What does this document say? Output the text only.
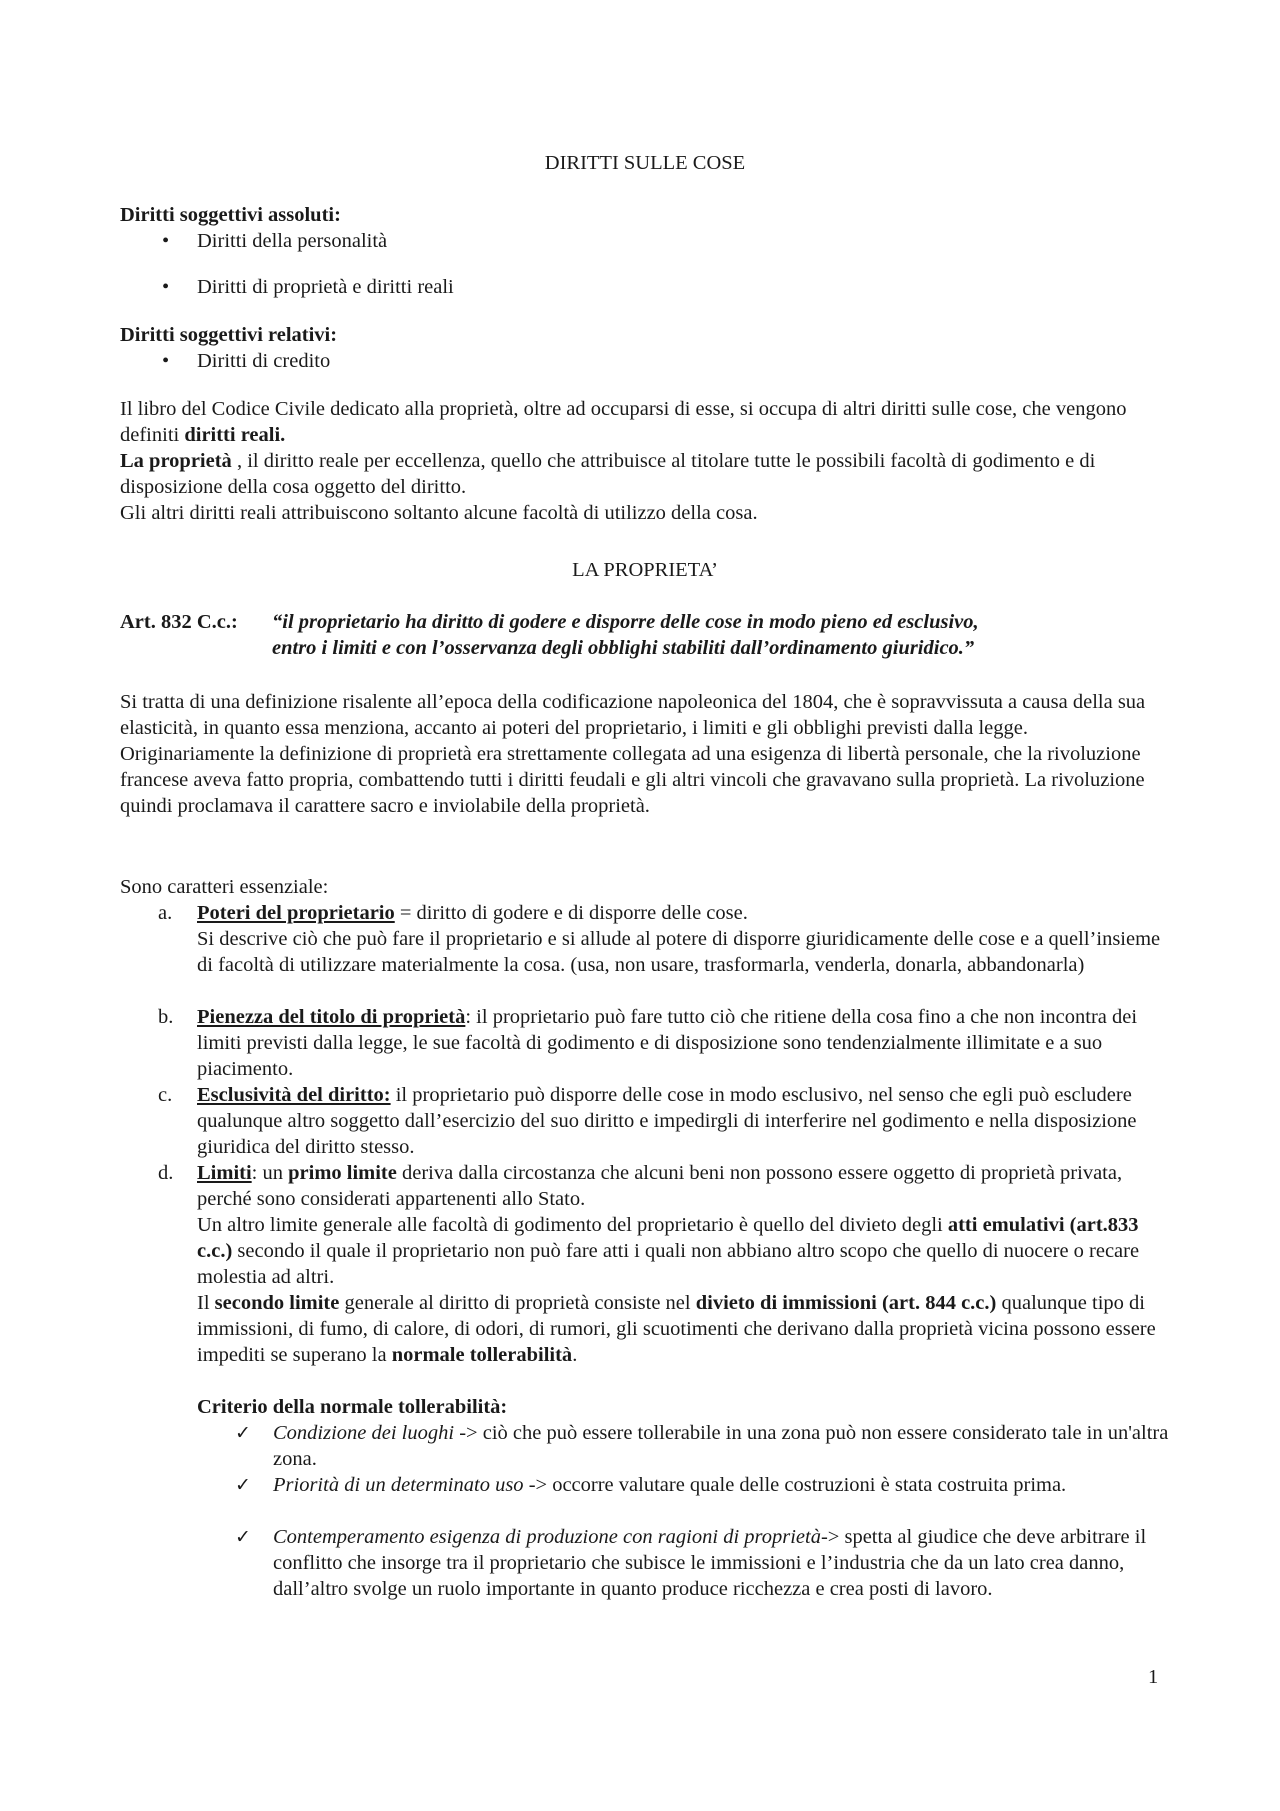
DIRITTI SULLE COSE
Diritti soggettivi assoluti:
• Diritti della personalità
• Diritti di proprietà e diritti reali
Diritti soggettivi relativi:
• Diritti di credito

Il libro del Codice Civile dedicato alla proprietà, oltre ad occuparsi di esse, si occupa di altri diritti sulle cose, che vengono definiti diritti reali.

La proprietà , il diritto reale per eccellenza, quello che attribuisce al titolare tutte le possibili facoltà di godimento e di disposizione della cosa oggetto del diritto.

Gli altri diritti reali attribuiscono soltanto alcune facoltà di utilizzo della cosa.

LA PROPRIETA’
Art. 832 C.c.: “il proprietario ha diritto di godere e disporre delle cose in modo pieno ed esclusivo,
entro i limiti e con l’osservanza degli obblighi stabiliti dall’ordinamento giuridico.”

Si tratta di una definizione risalente all’epoca della codificazione napoleonica del 1804, che è sopravvissuta a causa della sua elasticità, in quanto essa menziona, accanto ai poteri del proprietario, i limiti e gli obblighi previsti dalla legge.

Originariamente la definizione di proprietà era strettamente collegata ad una esigenza di libertà personale, che la rivoluzione francese aveva fatto propria, combattendo tutti i diritti feudali e gli altri vincoli che gravavano sulla proprietà. La rivoluzione quindi proclamava il carattere sacro e inviolabile della proprietà.

Sono caratteri essenziale:
a. Poteri del proprietario = diritto di godere e di disporre delle cose.

Si descrive ciò che può fare il proprietario e si allude al potere di disporre giuridicamente delle cose e a quell’insieme di facoltà di utilizzare materialmente la cosa. (usa, non usare, trasformarla, venderla, donarla, abbandonarla)

b. Pienezza del titolo di proprietà: il proprietario può fare tutto ciò che ritiene della cosa fino a che non incontra dei limiti previsti dalla legge, le sue facoltà di godimento e di disposizione sono tendenzialmente illimitate e a suo piacimento.

c. Esclusività del diritto: il proprietario può disporre delle cose in modo esclusivo, nel senso che egli può escludere qualunque altro soggetto dall’esercizio del suo diritto e impedirgli di interferire nel godimento e nella disposizione giuridica del diritto stesso.

d. Limiti: un primo limite deriva dalla circostanza che alcuni beni non possono essere oggetto di proprietà privata, perché sono considerati appartenenti allo Stato.

Un altro limite generale alle facoltà di godimento del proprietario è quello del divieto degli atti emulativi (art.833 c.c.) secondo il quale il proprietario non può fare atti i quali non abbiano altro scopo che quello di nuocere o recare molestia ad altri.

Il secondo limite generale al diritto di proprietà consiste nel divieto di immissioni (art. 844 c.c.) qualunque tipo di immissioni, di fumo, di calore, di odori, di rumori, gli scuotimenti che derivano dalla proprietà vicina possono essere impediti se superano la normale tollerabilità.

Criterio della normale tollerabilità:
✓ Condizione dei luoghi -> ciò che può essere tollerabile in una zona può non essere considerato tale in un'altra zona.
✓ Priorità di un determinato uso -> occorre valutare quale delle costruzioni è stata costruita prima.
✓ Contemperamento esigenza di produzione con ragioni di proprietà-> spetta al giudice che deve arbitrare il conflitto che insorge tra il proprietario che subisce le immissioni e l’industria che da un lato crea danno, dall’altro svolge un ruolo importante in quanto produce ricchezza e crea posti di lavoro.
1
